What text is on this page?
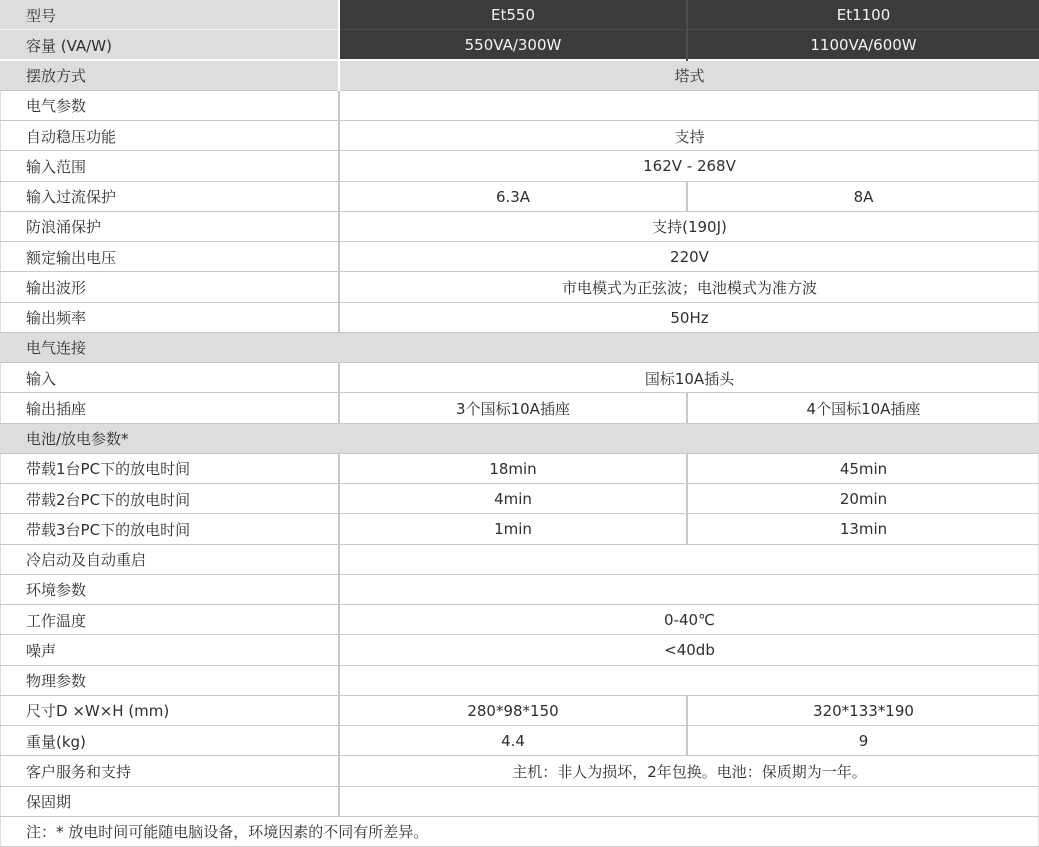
型号	Et550	Et1100
容量 (VA/W)	550VA/300W	1100VA/600W
摆放方式	塔式
电气参数
自动稳压功能	支持
输入范围	162V - 268V
输入过流保护	6.3A	8A
防浪涌保护	支持(190J)
额定输出电压	220V
输出波形	市电模式为正弦波；电池模式为准方波
输出频率	50Hz
电气连接
输入	国标10A插头
输出插座	3个国标10A插座	4个国标10A插座
电池/放电参数*
带载1台PC下的放电时间	18min	45min
带载2台PC下的放电时间	4min	20min
带载3台PC下的放电时间	1min	13min
冷启动及自动重启
环境参数
工作温度	0-40℃
噪声	<40db
物理参数
尺寸D ×W×H (mm)	280*98*150	320*133*190
重量(kg)	4.4	9
客户服务和支持	主机：非人为损坏，2年包换。电池：保质期为一年。
保固期
注：* 放电时间可能随电脑设备，环境因素的不同有所差异。
